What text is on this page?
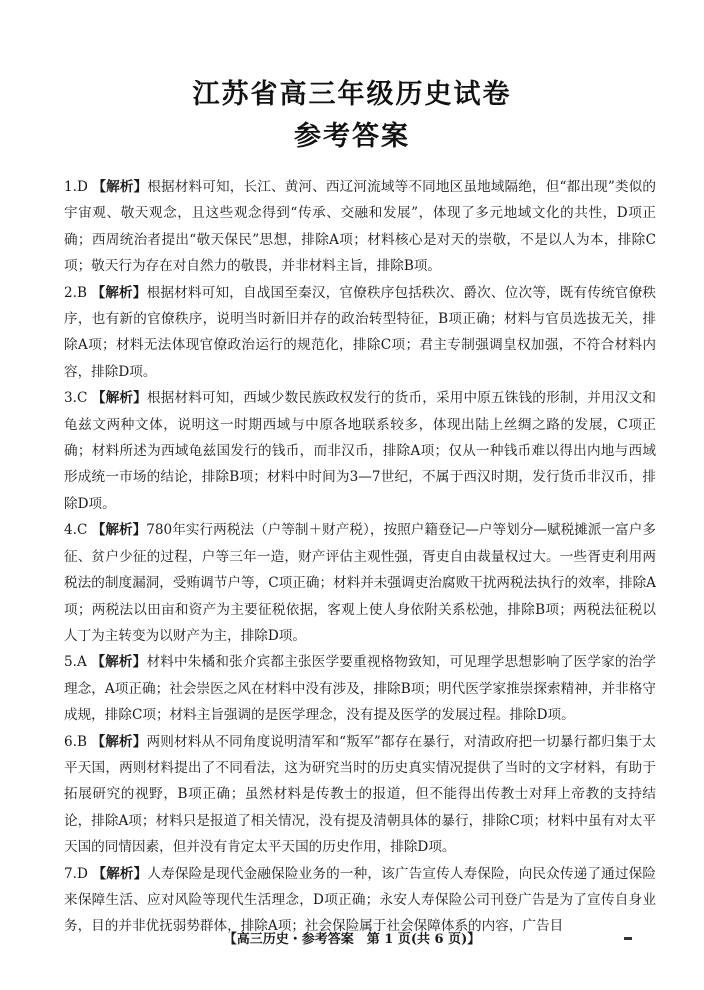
江苏省高三年级历史试卷
参考答案
1.D 【解析】根据材料可知，长江、黄河、西辽河流域等不同地区虽地域隔绝，但“都出现”类似的宇宙观、敬天观念，且这些观念得到“传承、交融和发展”，体现了多元地域文化的共性，D项正确；西周统治者提出“敬天保民”思想，排除A项；材料核心是对天的崇敬，不是以人为本，排除C项；敬天行为存在对自然力的敬畏，并非材料主旨，排除B项。
2.B 【解析】根据材料可知，自战国至秦汉，官僚秩序包括秩次、爵次、位次等，既有传统官僚秩序，也有新的官僚秩序，说明当时新旧并存的政治转型特征，B项正确；材料与官员选拔无关，排除A项；材料无法体现官僚政治运行的规范化，排除C项；君主专制强调皇权加强，不符合材料内容，排除D项。
3.C 【解析】根据材料可知，西域少数民族政权发行的货币，采用中原五铢钱的形制，并用汉文和龟兹文两种文体，说明这一时期西域与中原各地联系较多，体现出陆上丝绸之路的发展，C项正确；材料所述为西域龟兹国发行的钱币，而非汉币，排除A项；仅从一种钱币难以得出内地与西域形成统一市场的结论，排除B项；材料中时间为3—7世纪，不属于西汉时期，发行货币非汉币，排除D项。
4.C 【解析】780年实行两税法（户等制＋财产税），按照户籍登记—户等划分—赋税摊派一富户多征、贫户少征的过程，户等三年一造，财产评估主观性强，胥吏自由裁量权过大。一些胥吏利用两税法的制度漏洞，受贿调节户等，C项正确；材料并未强调吏治腐败干扰两税法执行的效率，排除A项；两税法以田亩和资产为主要征税依据，客观上使人身依附关系松弛，排除B项；两税法征税以人丁为主转变为以财产为主，排除D项。
5.A 【解析】材料中朱橘和张介宾都主张医学要重视格物致知，可见理学思想影响了医学家的治学理念，A项正确；社会崇医之风在材料中没有涉及，排除B项；明代医学家推崇探索精神，并非格守成规，排除C项；材料主旨强调的是医学理念，没有提及医学的发展过程。排除D项。
6.B 【解析】两则材料从不同角度说明清军和“叛军”都存在暴行，对清政府把一切暴行都归集于太平天国，两则材料提出了不同看法，这为研究当时的历史真实情况提供了当时的文字材料，有助于拓展研究的视野，B项正确；虽然材料是传教士的报道，但不能得出传教士对拜上帝教的支持结论，排除A项；材料只是报道了相关情况，没有提及清朝具体的暴行，排除C项；材料中虽有对太平天国的同情因素，但并没有肯定太平天国的历史作用，排除D项。
7.D 【解析】人寿保险是现代金融保险业务的一种，该广告宣传人寿保险，向民众传递了通过保险来保障生活、应对风险等现代生活理念，D项正确；永安人寿保险公司刊登广告是为了宣传自身业务，目的并非优抚弱势群体，排除A项；社会保险属于社会保障体系的内容，广告目
【高三历史・参考答案　第 1 页(共 6 页)】
